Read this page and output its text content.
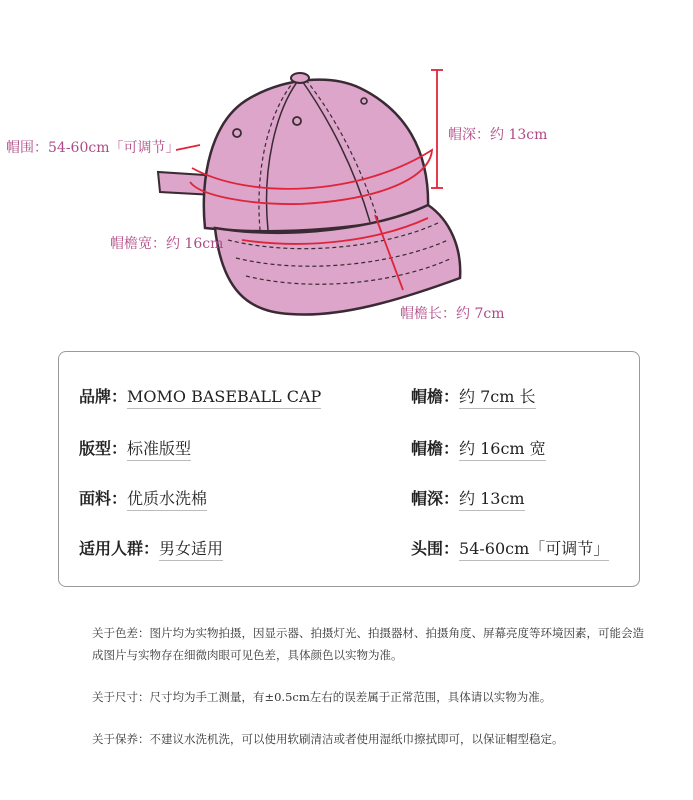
帽围：54-60cm「可调节」
帽深：约 13cm
帽檐宽：约 16cm
帽檐长：约 7cm
品牌：MOMO BASEBALL CAP
版型：标准版型
面料：优质水洗棉
适用人群：男女适用
帽檐：约 7cm 长
帽檐：约 16cm 宽
帽深：约 13cm
头围：54-60cm「可调节」

关于色差：图片均为实物拍摄，因显示器、拍摄灯光、拍摄器材、拍摄角度、屏幕亮度等环境因素，可能会造成图片与实物存在细微肉眼可见色差，具体颜色以实物为准。

关于尺寸：尺寸均为手工测量，有±0.5cm左右的误差属于正常范围，具体请以实物为准。

关于保养：不建议水洗机洗，可以使用软刷清洁或者使用湿纸巾擦拭即可，以保证帽型稳定。
